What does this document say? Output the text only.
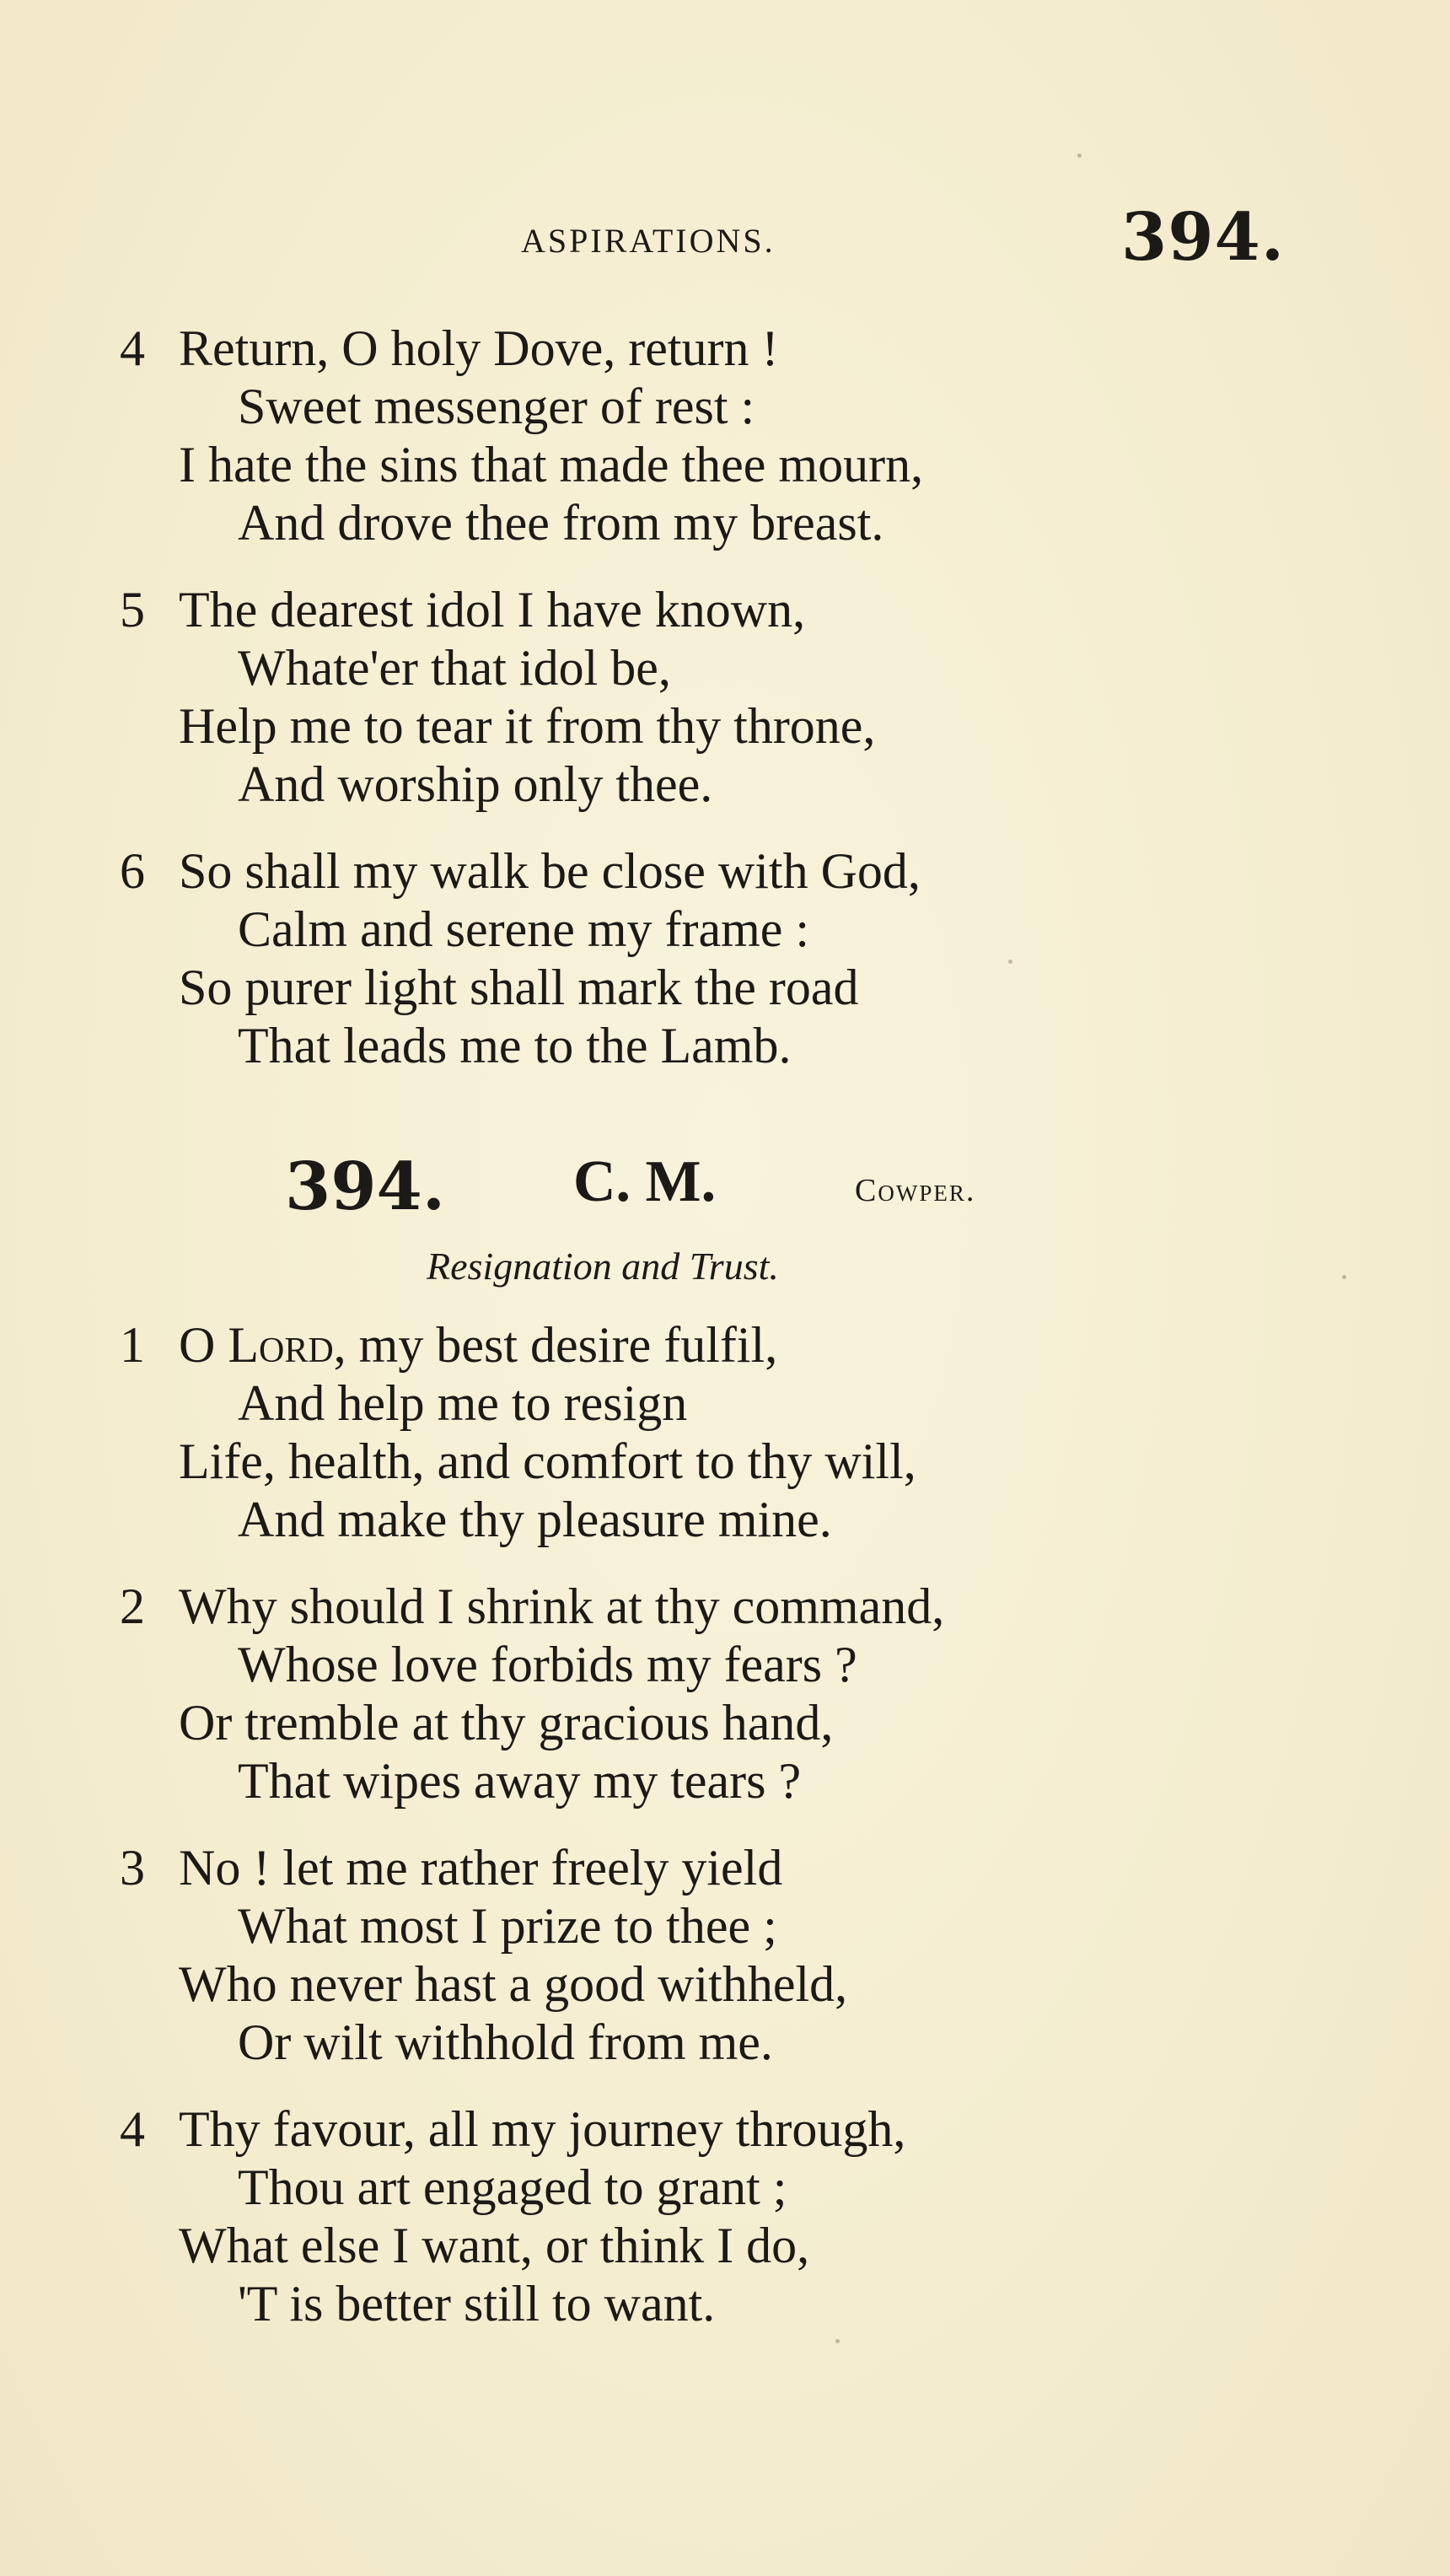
ASPIRATIONS.	394.
4 Return, O holy Dove, return !
Sweet messenger of rest :
I hate the sins that made thee mourn,
And drove thee from my breast.
5 The dearest idol I have known,
Whate'er that idol be,
Help me to tear it from thy throne,
And worship only thee.
6 So shall my walk be close with God,
Calm and serene my frame :
So purer light shall mark the road
That leads me to the Lamb.
394. C. M.	Cowper.
Resignation and Trust.
1 O Lord, my best desire fulfil,
And help me to resign
Life, health, and comfort to thy will,
And make thy pleasure mine.
2 Why should I shrink at thy command,
Whose love forbids my fears ?
Or tremble at thy gracious hand,
That wipes away my tears ?
3 No ! let me rather freely yield
What most I prize to thee ;
Who never hast a good withheld,
Or wilt withhold from me.
4 Thy favour, all my journey through,
Thou art engaged to grant ;
What else I want, or think I do,
'T is better still to want.
